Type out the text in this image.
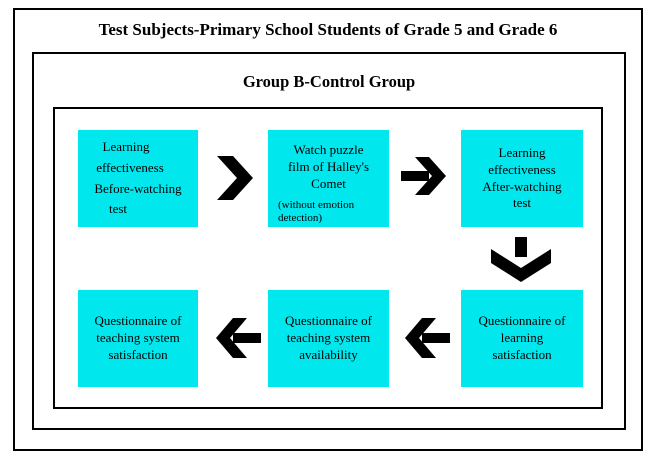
Test Subjects-Primary School Students of Grade 5 and Grade 6
Group B-Control Group
Learning
effectiveness
Before-watching
test
Watch puzzle
film of Halley's
Comet
(without emotion
detection)
Learning
effectiveness
After-watching
test
Questionnaire of
learning
satisfaction
Questionnaire of
teaching system
availability
Questionnaire of
teaching system
satisfaction
